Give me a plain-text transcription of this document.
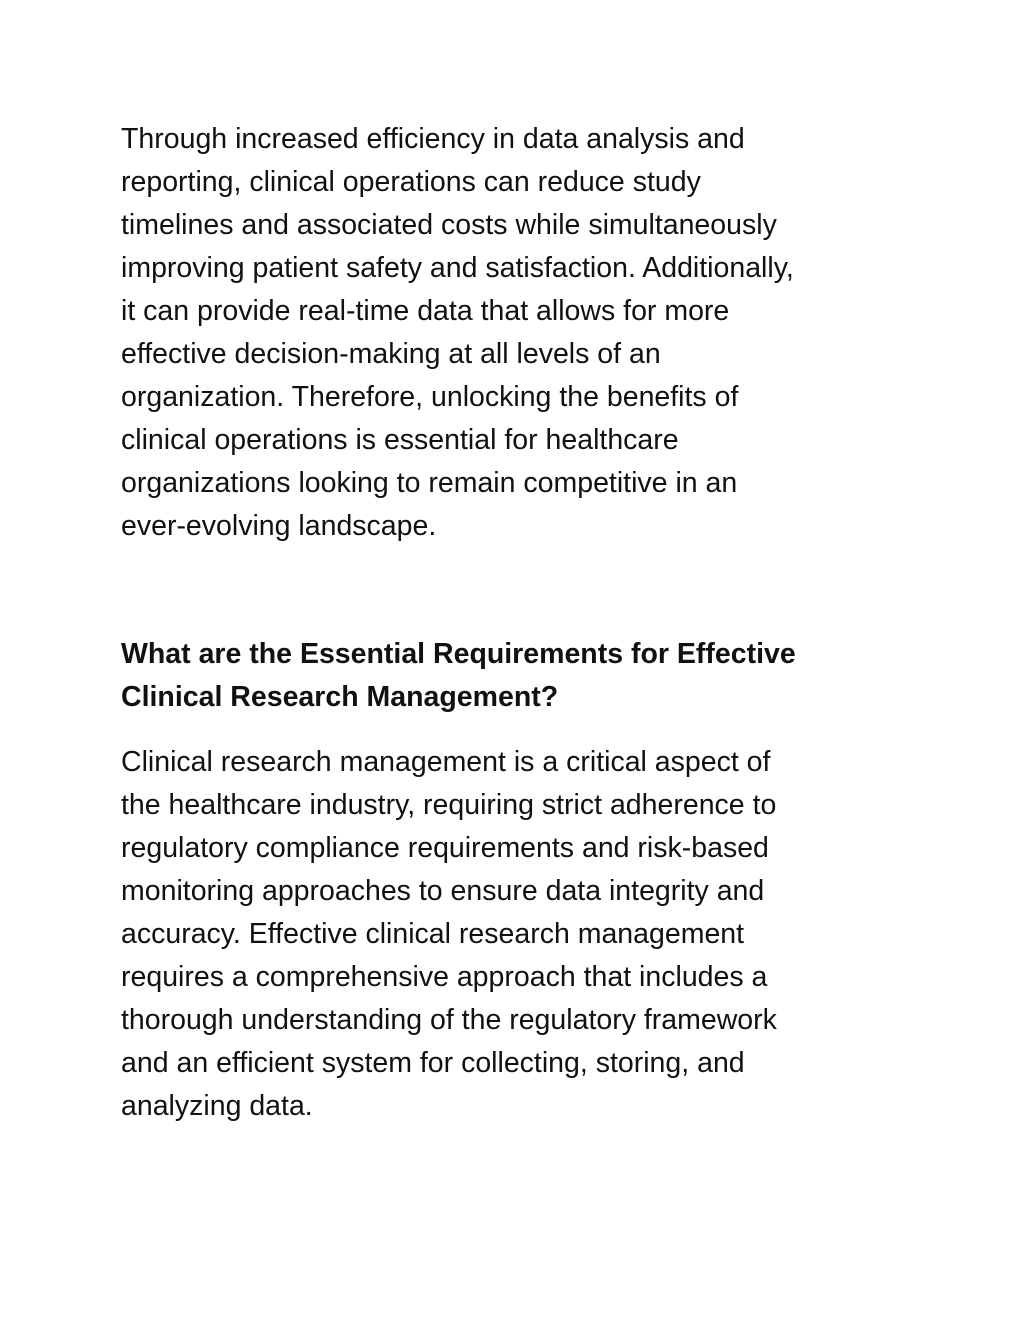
Through increased efficiency in data analysis and
reporting, clinical operations can reduce study
timelines and associated costs while simultaneously
improving patient safety and satisfaction. Additionally,
it can provide real-time data that allows for more
effective decision-making at all levels of an
organization. Therefore, unlocking the benefits of
clinical operations is essential for healthcare
organizations looking to remain competitive in an
ever-evolving landscape.

What are the Essential Requirements for Effective
Clinical Research Management?

Clinical research management is a critical aspect of
the healthcare industry, requiring strict adherence to
regulatory compliance requirements and risk-based
monitoring approaches to ensure data integrity and
accuracy. Effective clinical research management
requires a comprehensive approach that includes a
thorough understanding of the regulatory framework
and an efficient system for collecting, storing, and
analyzing data.
